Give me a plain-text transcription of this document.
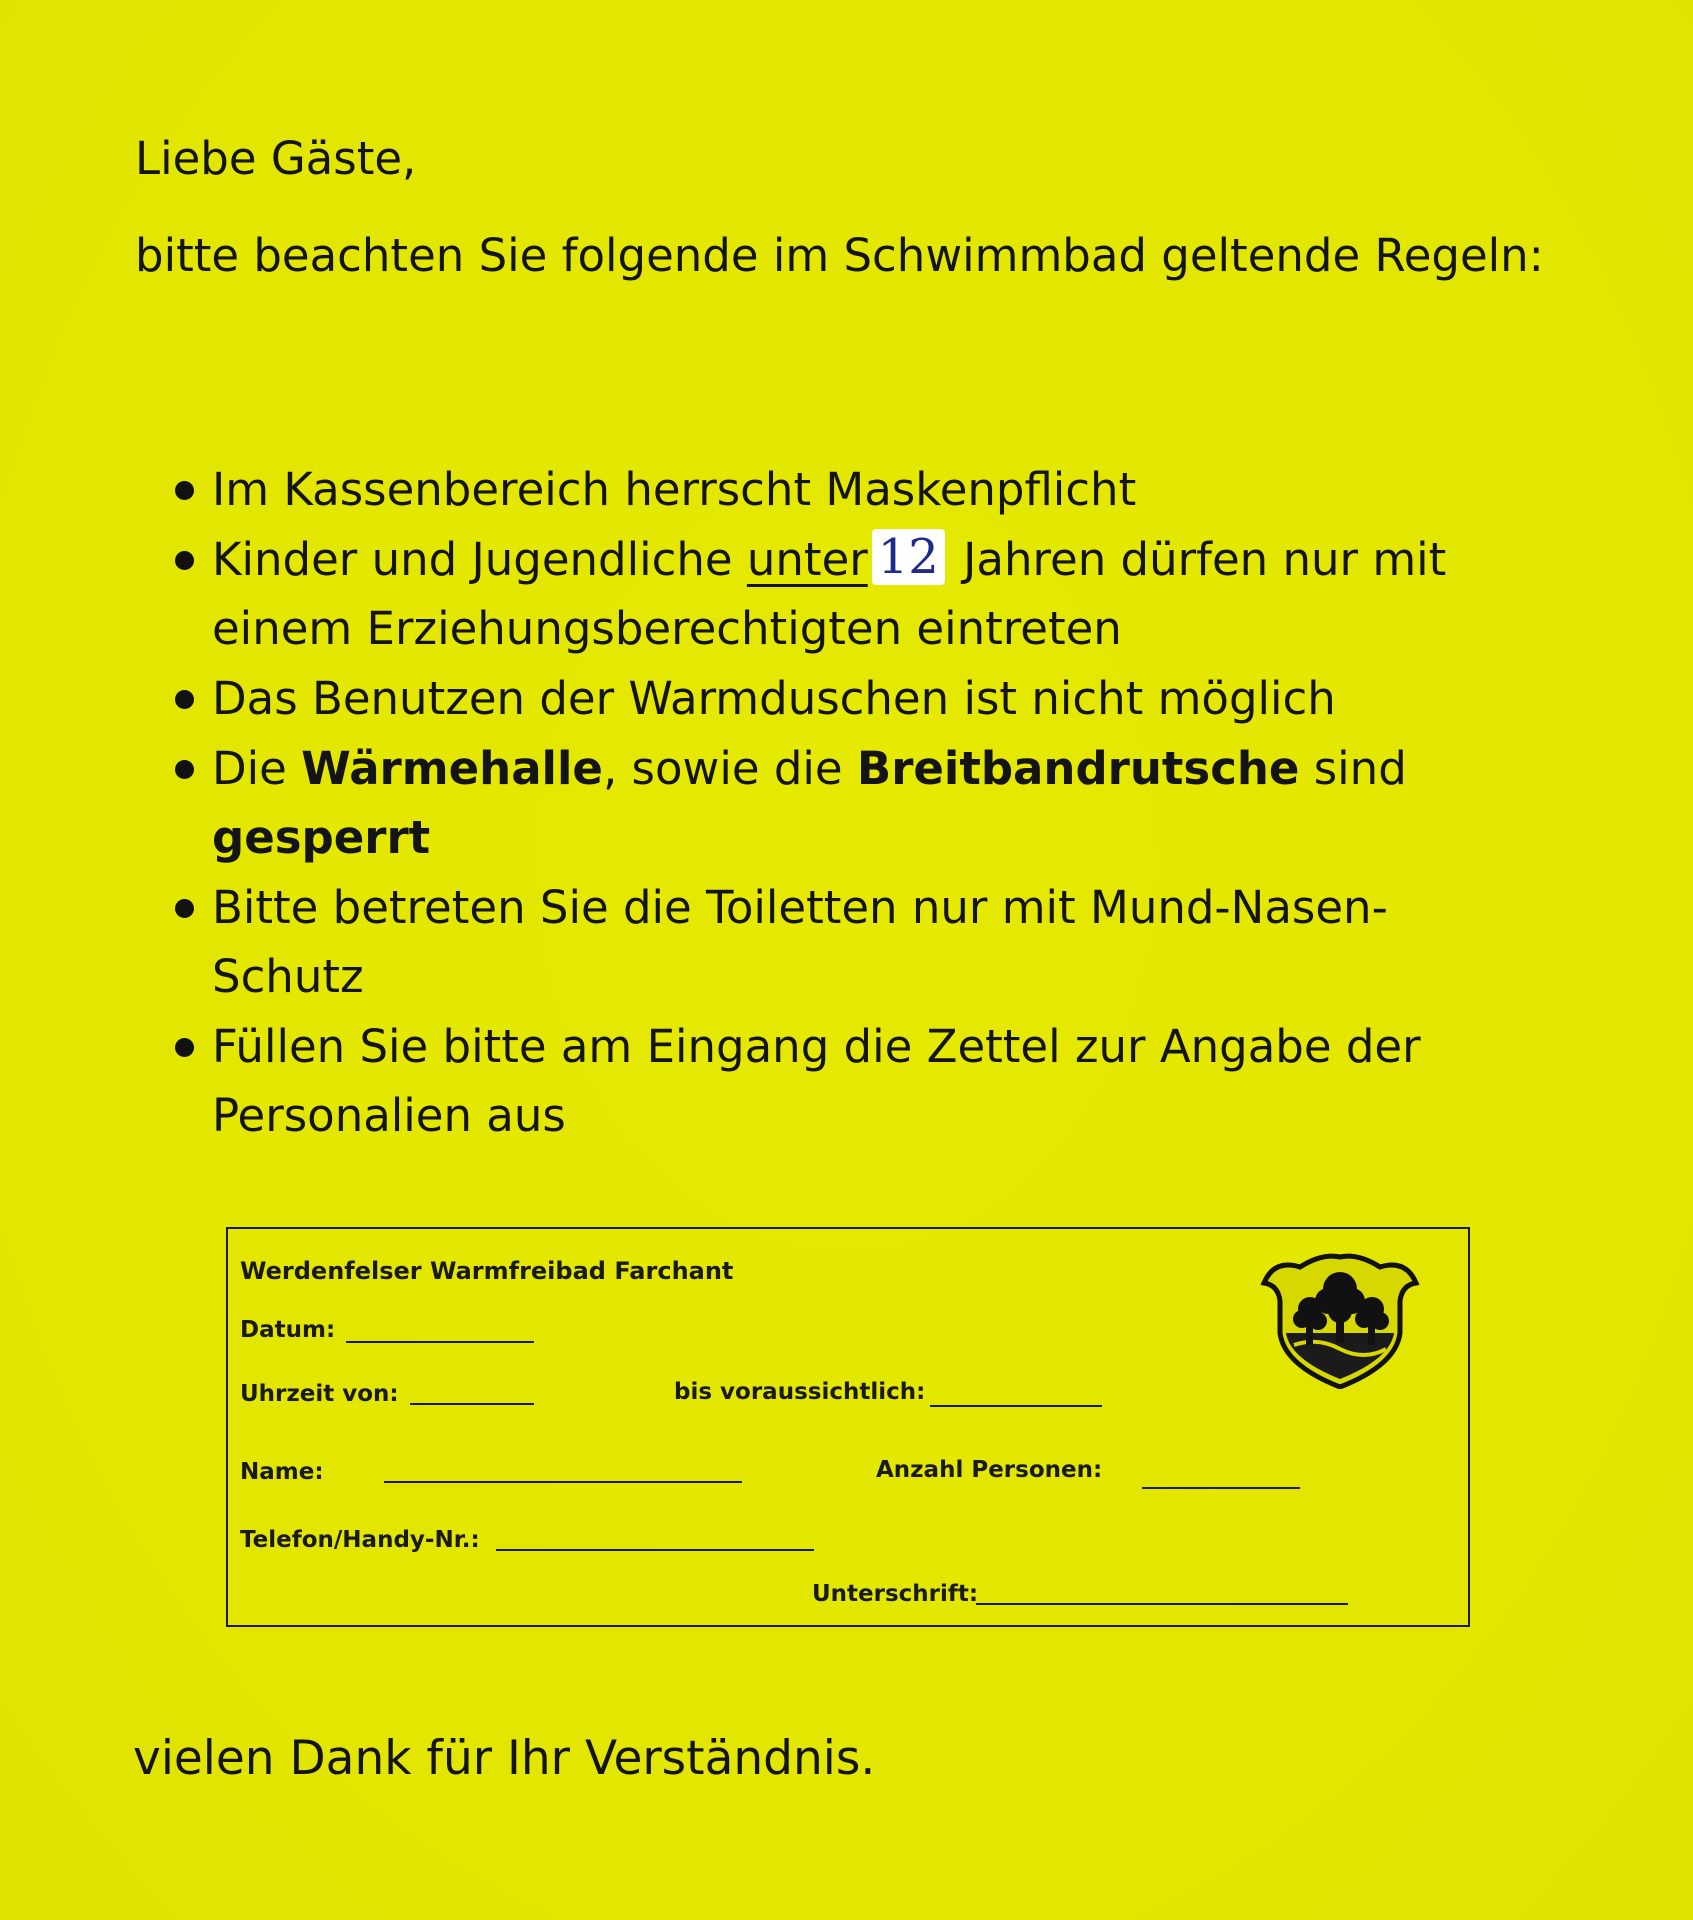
Liebe Gäste,
bitte beachten Sie folgende im Schwimmbad geltende Regeln:
Im Kassenbereich herrscht Maskenpflicht
Kinder und Jugendliche unter 12 Jahren dürfen nur mit einem Erziehungsberechtigten eintreten
Das Benutzen der Warmduschen ist nicht möglich
Die Wärmehalle, sowie die Breitbandrutsche sind gesperrt
Bitte betreten Sie die Toiletten nur mit Mund-Nasen-Schutz
Füllen Sie bitte am Eingang die Zettel zur Angabe der Personalien aus
Werdenfelser Warmfreibad Farchant
Datum:
Uhrzeit von:	bis voraussichtlich:
Name:	Anzahl Personen:
Telefon/Handy-Nr.:
Unterschrift:
vielen Dank für Ihr Verständnis.
